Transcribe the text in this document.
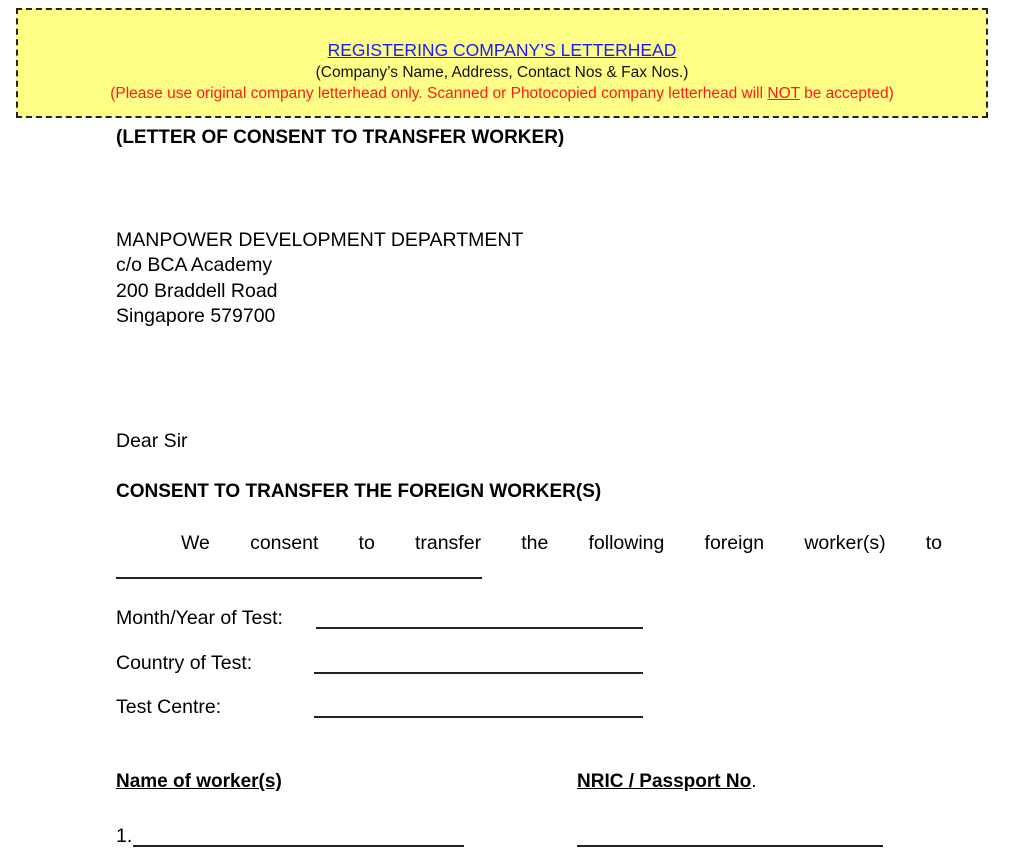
REGISTERING COMPANY’S LETTERHEAD
(Company’s Name, Address, Contact Nos & Fax Nos.)
(Please use original company letterhead only. Scanned or Photocopied company letterhead will NOT be accepted)
(LETTER OF CONSENT TO TRANSFER WORKER)
MANPOWER DEVELOPMENT DEPARTMENT
c/o BCA Academy
200 Braddell Road
Singapore 579700
Dear Sir
CONSENT TO TRANSFER THE FOREIGN WORKER(S)
We consent to transfer the following foreign worker(s) to
Month/Year of Test:
Country of Test:
Test Centre:
Name of worker(s)	NRIC / Passport No.
1.
